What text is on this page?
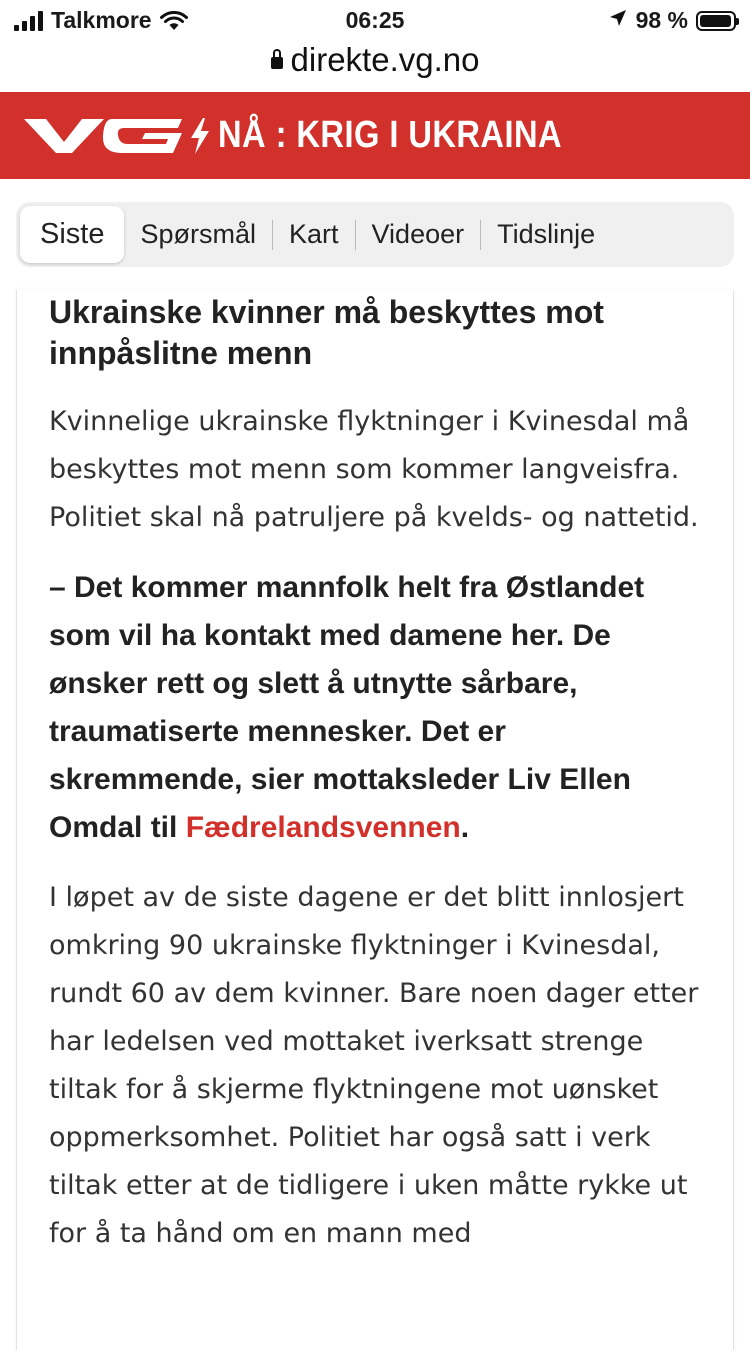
Talkmore	06:25	98 %
direkte.vg.no
NÅ : KRIG I UKRAINA
Siste	Spørsmål	Kart	Videoer	Tidslinje
Ukrainske kvinner må beskyttes mot innpåslitne menn

Kvinnelige ukrainske flyktninger i Kvinesdal må beskyttes mot menn som kommer langveisfra. Politiet skal nå patruljere på kvelds- og nattetid.

– Det kommer mannfolk helt fra Østlandet som vil ha kontakt med damene her. De ønsker rett og slett å utnytte sårbare, traumatiserte mennesker. Det er skremmende, sier mottaksleder Liv Ellen Omdal til Fædrelandsvennen.

I løpet av de siste dagene er det blitt innlosjert omkring 90 ukrainske flyktninger i Kvinesdal, rundt 60 av dem kvinner. Bare noen dager etter har ledelsen ved mottaket iverksatt strenge tiltak for å skjerme flyktningene mot uønsket oppmerksomhet. Politiet har også satt i verk tiltak etter at de tidligere i uken måtte rykke ut for å ta hånd om en mann med
